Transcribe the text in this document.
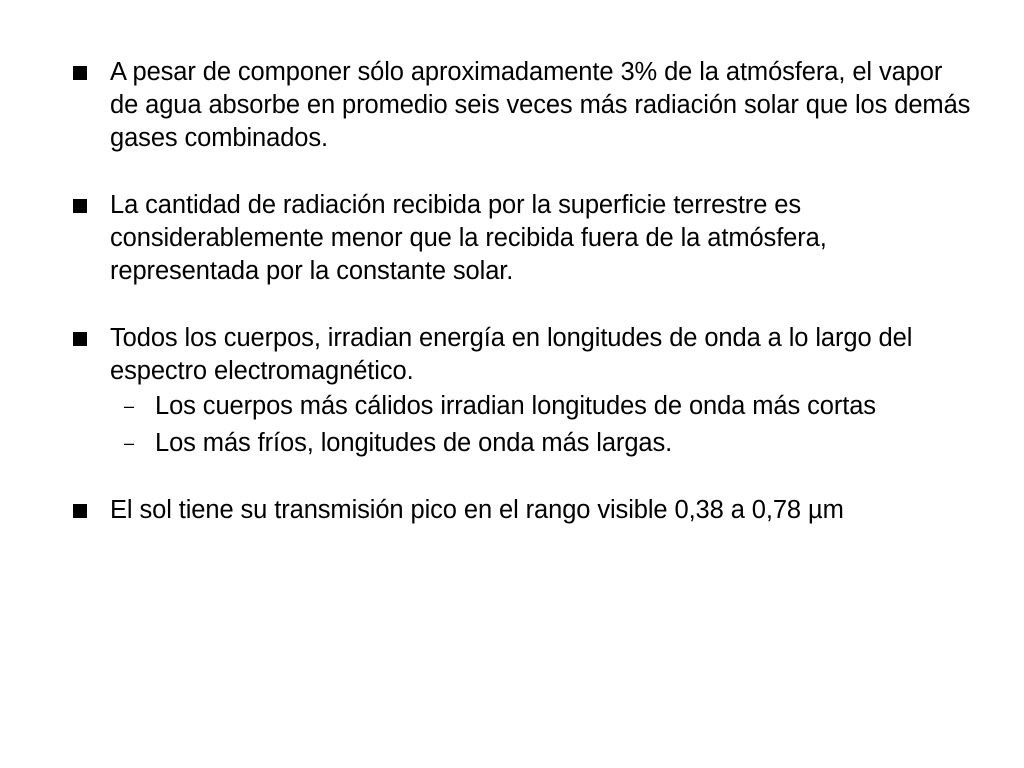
A pesar de componer sólo aproximadamente 3% de la atmósfera, el vapor de agua absorbe en promedio seis veces más radiación solar que los demás gases combinados.
La cantidad de radiación recibida por la superficie terrestre es considerablemente menor que la recibida fuera de la atmósfera, representada por la constante solar.
Todos los cuerpos, irradian energía en longitudes de onda a lo largo del espectro electromagnético.
– Los cuerpos más cálidos irradian longitudes de onda más cortas
– Los más fríos, longitudes de onda más largas.
El sol tiene su transmisión pico en el rango visible 0,38 a 0,78 µm
